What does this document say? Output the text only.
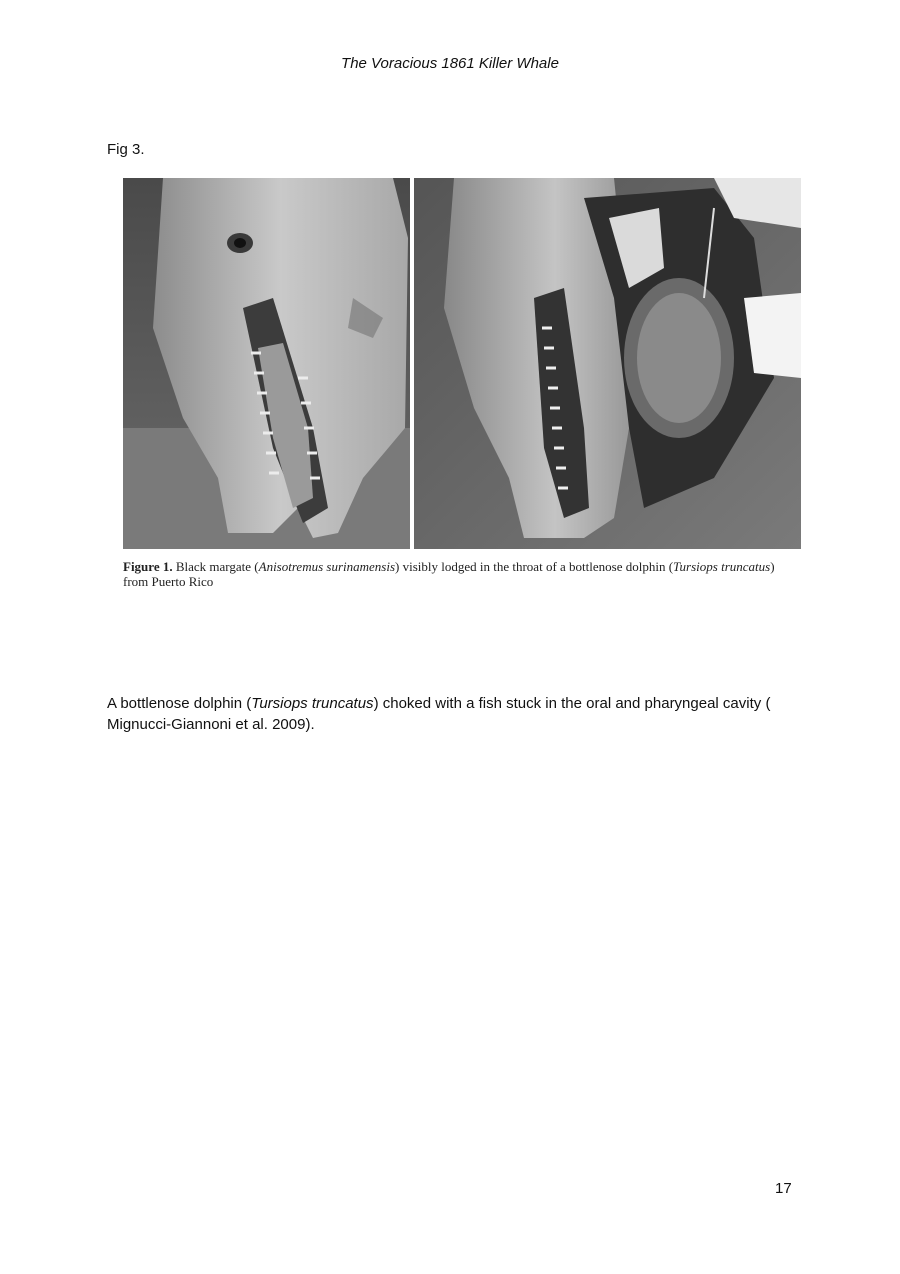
The Voracious 1861 Killer Whale
Fig 3.
Figure 1. Black margate (Anisotremus surinamensis) visibly lodged in the throat of a bottlenose dolphin (Tursiops truncatus)
from Puerto Rico
A bottlenose dolphin (Tursiops truncatus) choked with a fish stuck in the oral and pharyngeal cavity (
Mignucci-Giannoni et al. 2009).
17
